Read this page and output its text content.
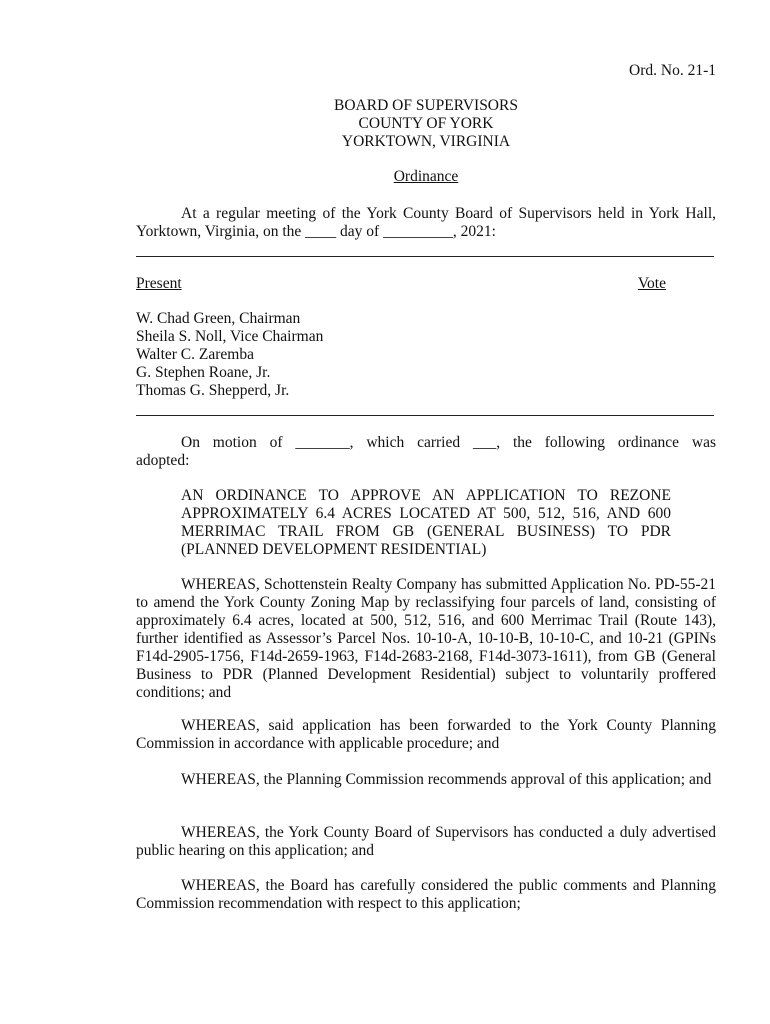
Ord. No. 21-1
BOARD OF SUPERVISORS
COUNTY OF YORK
YORKTOWN, VIRGINIA
Ordinance
At a regular meeting of the York County Board of Supervisors held in York Hall, Yorktown, Virginia, on the ____ day of _________, 2021:
Present	Vote
W. Chad Green, Chairman
Sheila S. Noll, Vice Chairman
Walter C. Zaremba
G. Stephen Roane, Jr.
Thomas G. Shepperd, Jr.
On motion of _______, which carried ___, the following ordinance was adopted:
AN ORDINANCE TO APPROVE AN APPLICATION TO REZONE APPROXIMATELY 6.4 ACRES LOCATED AT 500, 512, 516, AND 600 MERRIMAC TRAIL FROM GB (GENERAL BUSINESS) TO PDR (PLANNED DEVELOPMENT RESIDENTIAL)
WHEREAS, Schottenstein Realty Company has submitted Application No. PD-55-21 to amend the York County Zoning Map by reclassifying four parcels of land, consisting of approximately 6.4 acres, located at 500, 512, 516, and 600 Merrimac Trail (Route 143), further identified as Assessor’s Parcel Nos. 10-10-A, 10-10-B, 10-10-C, and 10-21 (GPINs F14d-2905-1756, F14d-2659-1963, F14d-2683-2168, F14d-3073-1611), from GB (General Business to PDR (Planned Development Residential) subject to voluntarily proffered conditions; and
WHEREAS, said application has been forwarded to the York County Planning Commission in accordance with applicable procedure; and
WHEREAS, the Planning Commission recommends approval of this application; and
WHEREAS, the York County Board of Supervisors has conducted a duly advertised public hearing on this application; and
WHEREAS, the Board has carefully considered the public comments and Planning Commission recommendation with respect to this application;
